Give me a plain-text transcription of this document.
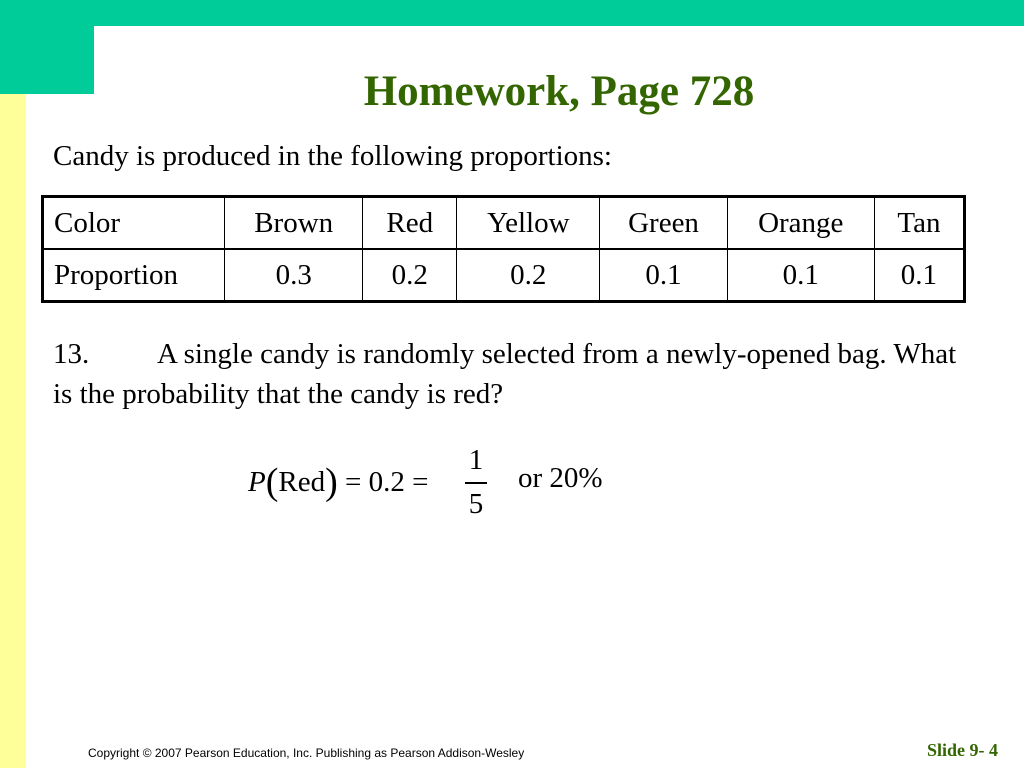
Homework, Page 728

Candy is produced in the following proportions:

Color	Brown	Red	Yellow	Green	Orange	Tan
Proportion	0.3	0.2	0.2	0.1	0.1	0.1

13. A single candy is randomly selected from a newly-opened bag. What is the probability that the candy is red?

P(Red) = 0.2 =
1
5
or 20%
Copyright © 2007 Pearson Education, Inc. Publishing as Pearson Addison-Wesley	Slide 9- 4
